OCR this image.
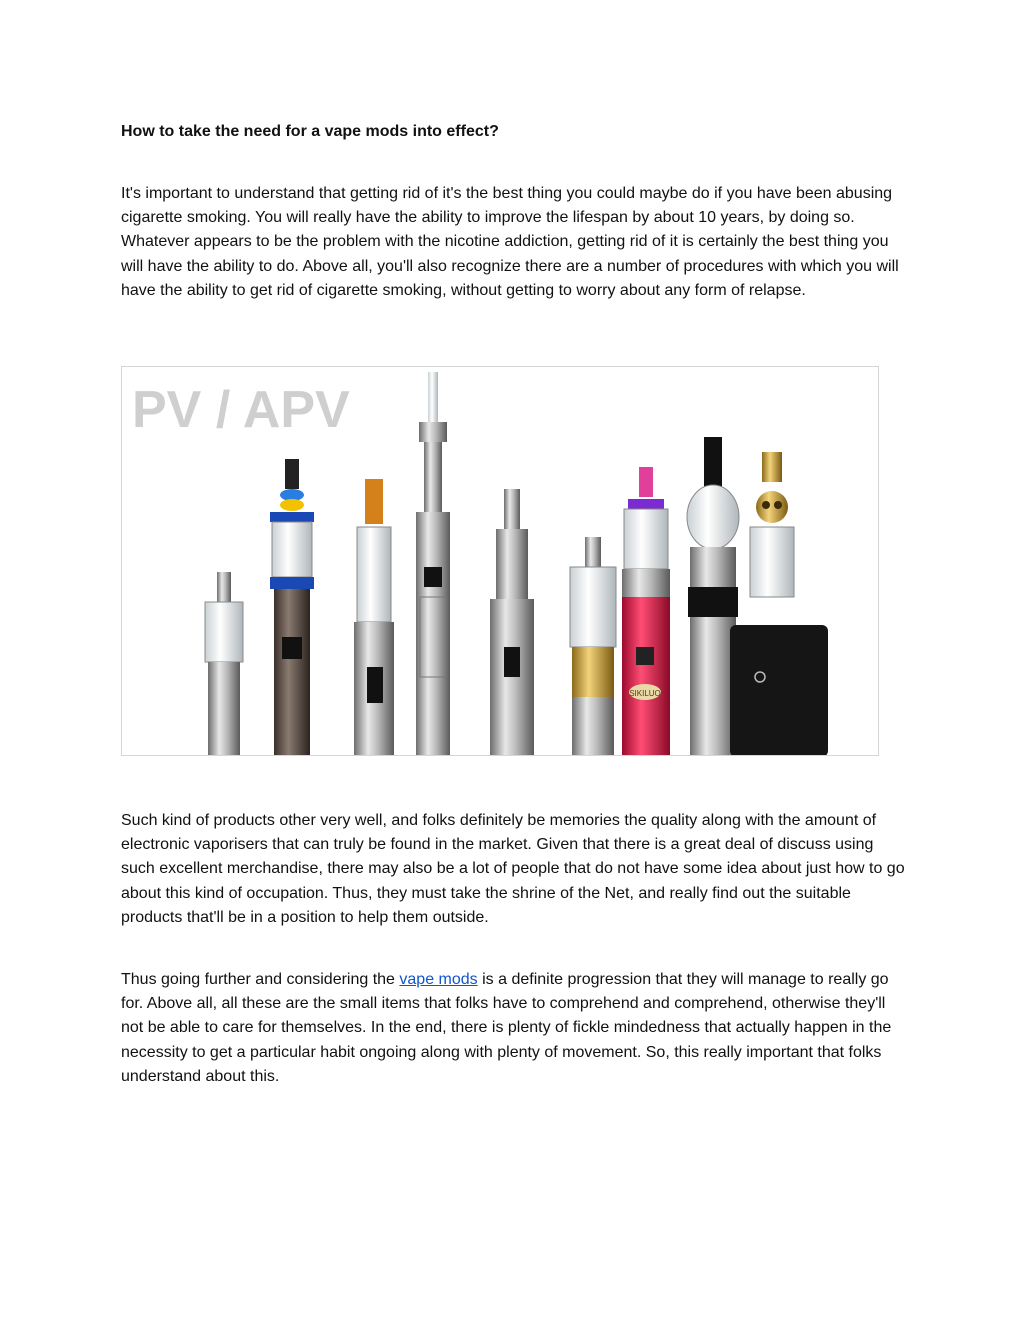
How to take the need for a vape mods into effect?

It's important to understand that getting rid of it's the best thing you could maybe do if you have been abusing cigarette smoking. You will really have the ability to improve the lifespan by about 10 years, by doing so. Whatever appears to be the problem with the nicotine addiction, getting rid of it is certainly the best thing you will have the ability to do. Above all, you'll also recognize there are a number of procedures with which you will have the ability to get rid of cigarette smoking, without getting to worry about any form of relapse.

PV / APV
SIKILUO

Such kind of products other very well, and folks definitely be memories the quality along with the amount of electronic vaporisers that can truly be found in the market. Given that there is a great deal of discuss using such excellent merchandise, there may also be a lot of people that do not have some idea about just how to go about this kind of occupation. Thus, they must take the shrine of the Net, and really find out the suitable products that'll be in a position to help them outside.

Thus going further and considering the vape mods is a definite progression that they will manage to really go for. Above all, all these are the small items that folks have to comprehend and comprehend, otherwise they'll not be able to care for themselves. In the end, there is plenty of fickle mindedness that actually happen in the necessity to get a particular habit ongoing along with plenty of movement. So, this really important that folks understand about this.
